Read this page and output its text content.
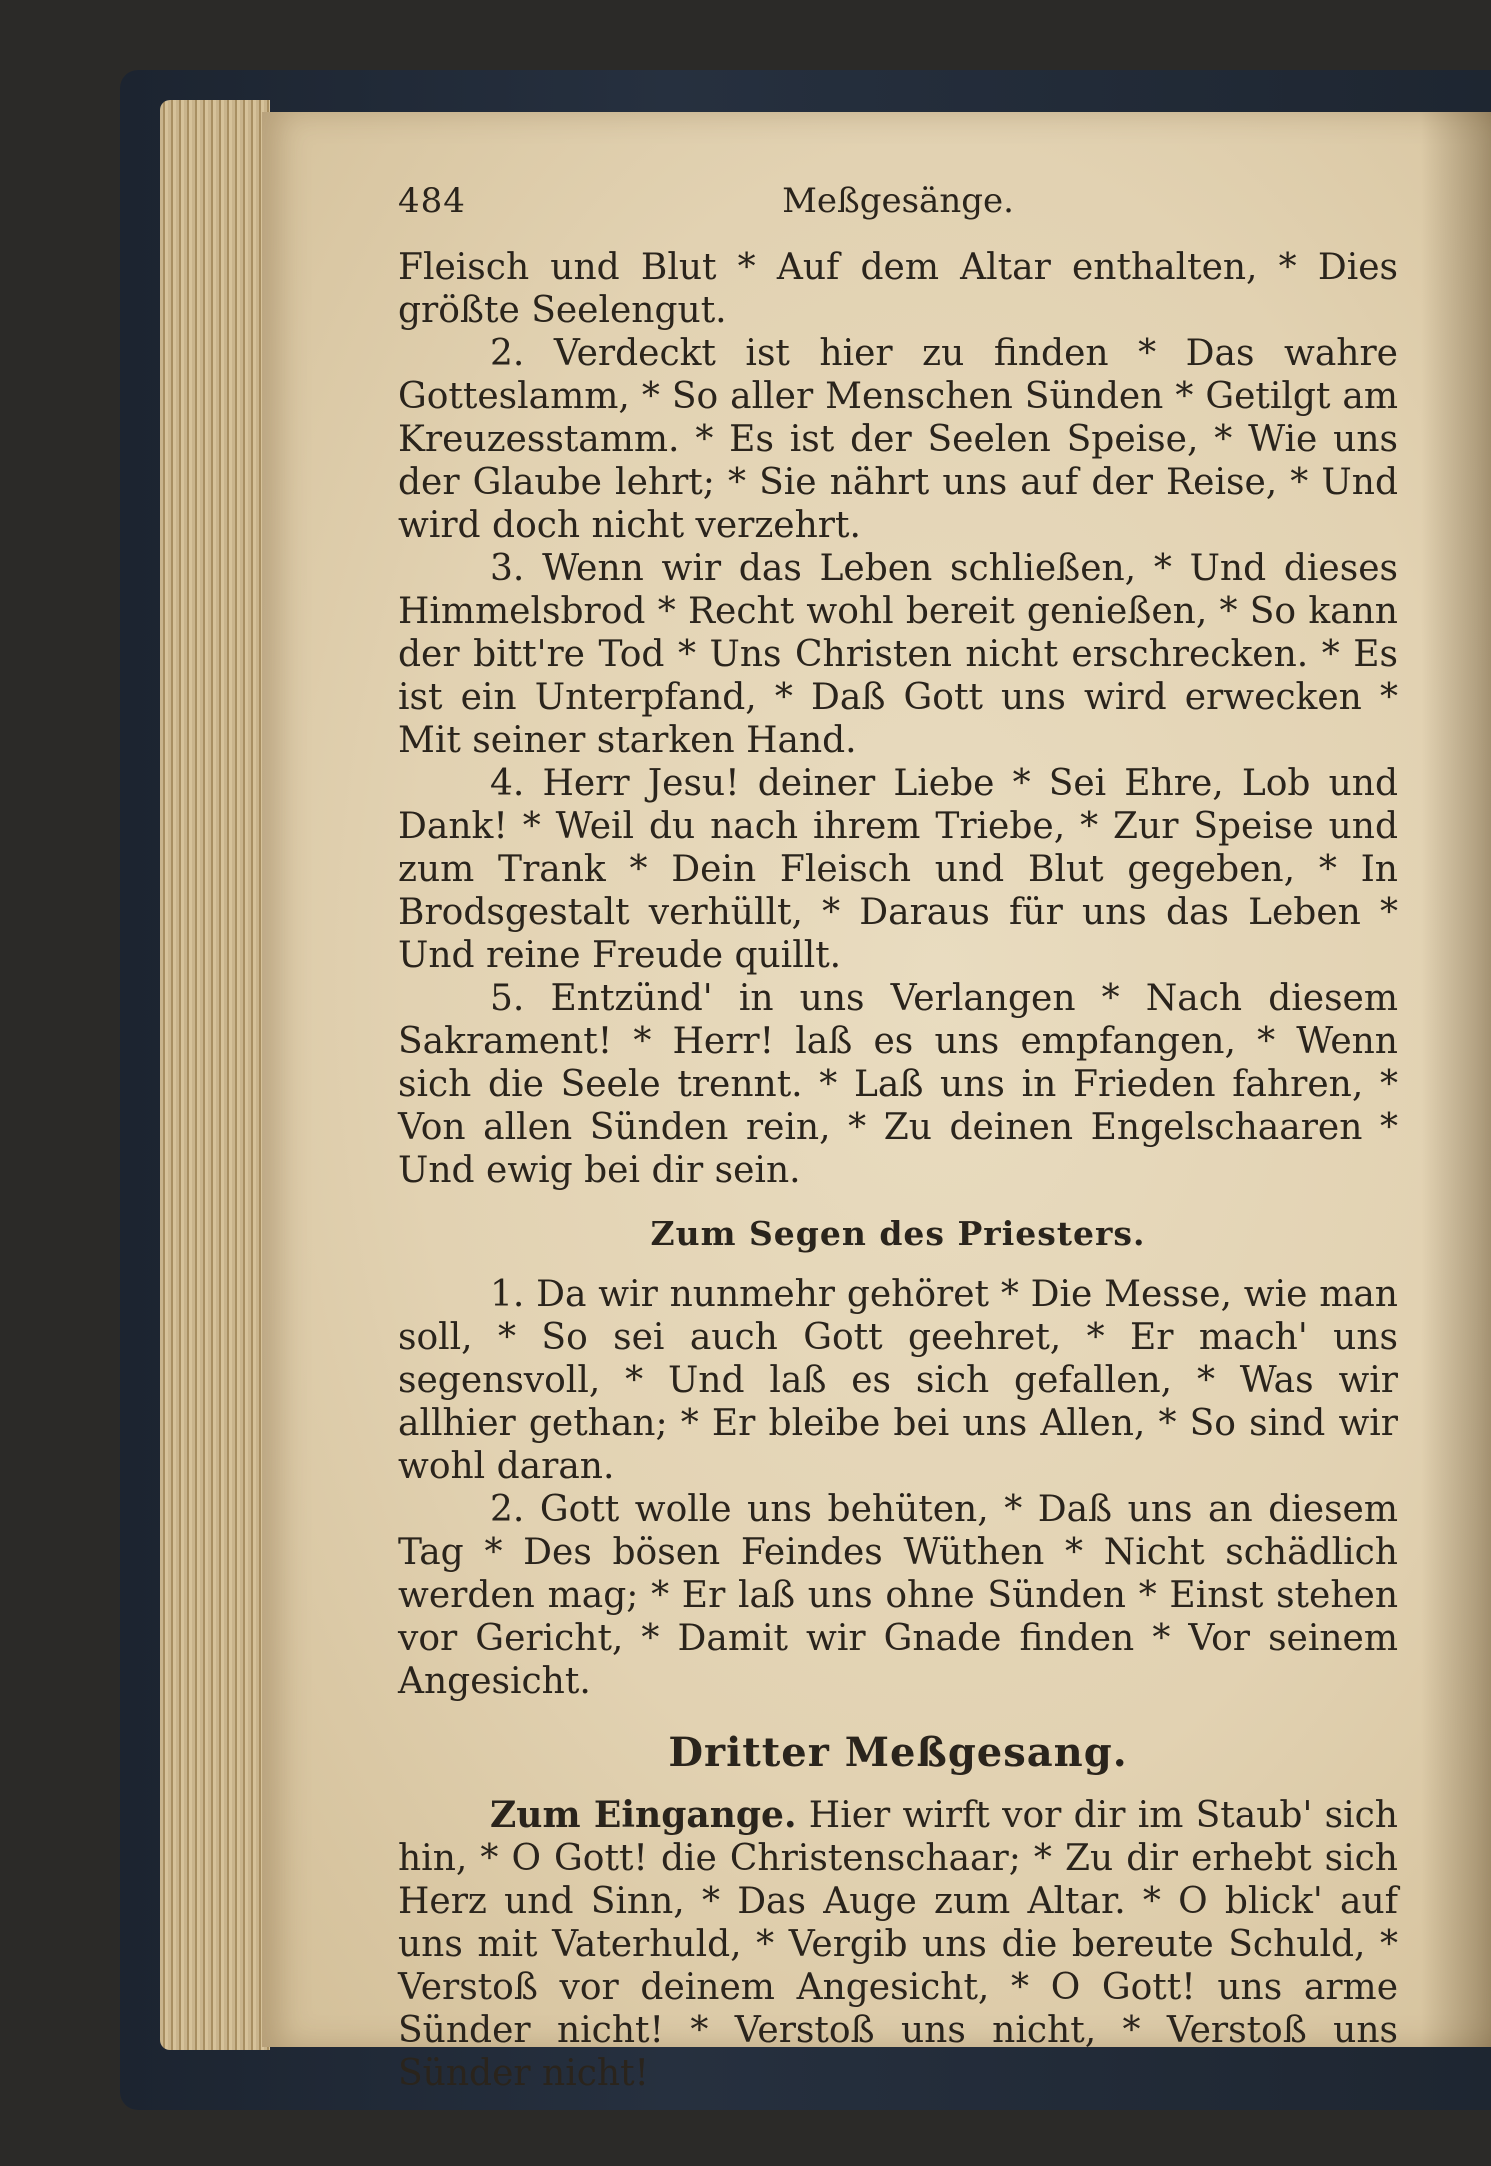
484	Meßgesänge.

Fleisch und Blut * Auf dem Altar enthalten, * Dies größte Seelengut.

2. Verdeckt ist hier zu finden * Das wahre Gotteslamm, * So aller Menschen Sünden * Getilgt am Kreuzesstamm. * Es ist der Seelen Speise, * Wie uns der Glaube lehrt; * Sie nährt uns auf der Reise, * Und wird doch nicht verzehrt.

3. Wenn wir das Leben schließen, * Und dieses Himmelsbrod * Recht wohl bereit genießen, * So kann der bitt're Tod * Uns Christen nicht erschrecken. * Es ist ein Unterpfand, * Daß Gott uns wird erwecken * Mit seiner starken Hand.

4. Herr Jesu! deiner Liebe * Sei Ehre, Lob und Dank! * Weil du nach ihrem Triebe, * Zur Speise und zum Trank * Dein Fleisch und Blut gegeben, * In Brodsgestalt verhüllt, * Daraus für uns das Leben * Und reine Freude quillt.

5. Entzünd' in uns Verlangen * Nach diesem Sakrament! * Herr! laß es uns empfangen, * Wenn sich die Seele trennt. * Laß uns in Frieden fahren, * Von allen Sünden rein, * Zu deinen Engelschaaren * Und ewig bei dir sein.

Zum Segen des Priesters.

1. Da wir nunmehr gehöret * Die Messe, wie man soll, * So sei auch Gott geehret, * Er mach' uns segensvoll, * Und laß es sich gefallen, * Was wir allhier gethan; * Er bleibe bei uns Allen, * So sind wir wohl daran.

2. Gott wolle uns behüten, * Daß uns an diesem Tag * Des bösen Feindes Wüthen * Nicht schädlich werden mag; * Er laß uns ohne Sünden * Einst stehen vor Gericht, * Damit wir Gnade finden * Vor seinem Angesicht.

Dritter Meßgesang.

Zum Eingange. Hier wirft vor dir im Staub' sich hin, * O Gott! die Christenschaar; * Zu dir erhebt sich Herz und Sinn, * Das Auge zum Altar. * O blick' auf uns mit Vaterhuld, * Vergib uns die bereute Schuld, * Verstoß vor deinem Angesicht, * O Gott! uns arme Sünder nicht! * Verstoß uns nicht, * Verstoß uns Sünder nicht!
